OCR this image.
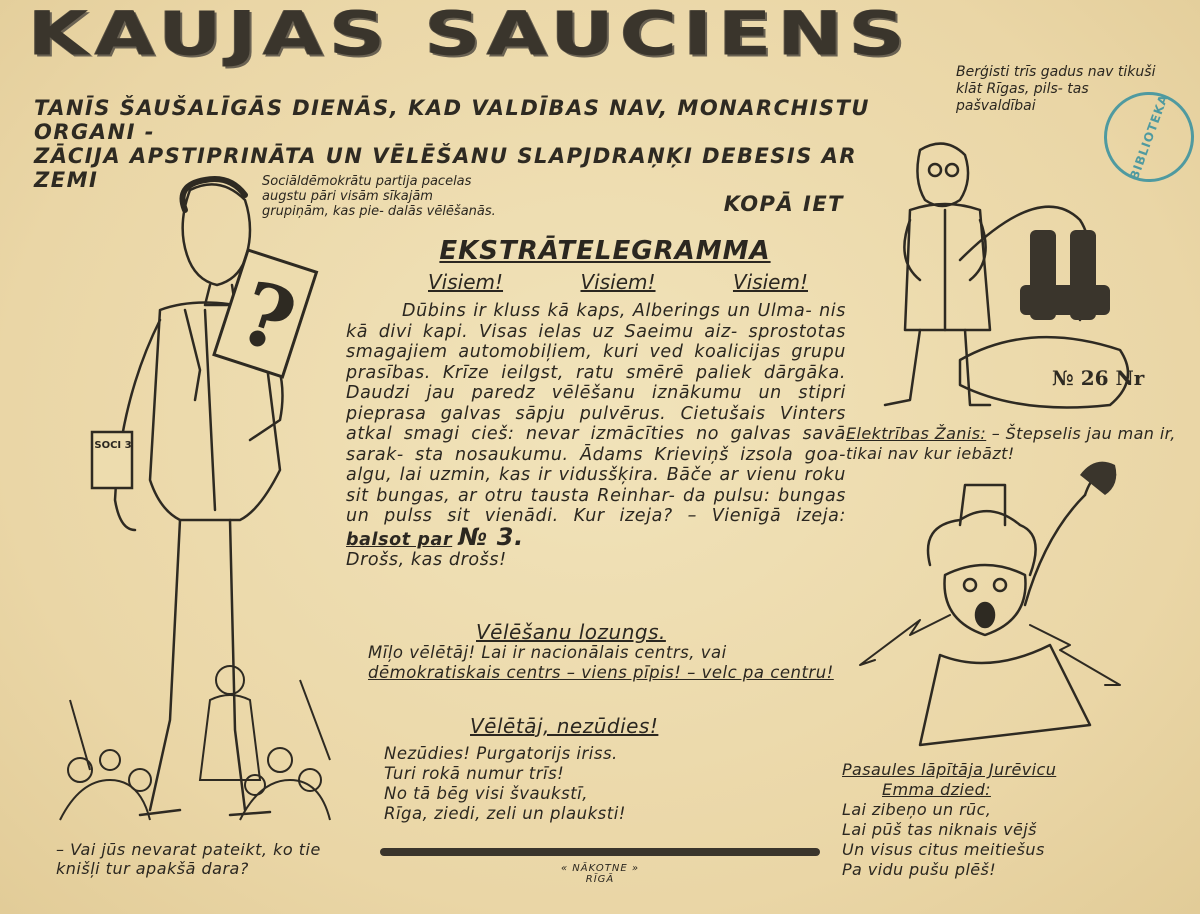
KAUJAS SAUCIENS
TANĪS ŠAUŠALĪGĀS DIENĀS, KAD VALDĪBAS NAV, MONARCHISTU ORGANI -
ZĀCIJA APSTIPRINĀTA UN VĒLĒŠANU SLAPJDRAŅĶI DEBESIS AR ZEMI
KOPĀ IET
Berģisti trīs gadus nav tikuši klāt Rīgas, pils- tas pašvaldībai	BIBLIOTEKA
Sociāldēmokrātu partija pacelas augstu pāri visām sīkajām grupiņām, kas pie- dalās vēlēšanās.
?
SOCI 3
EKSTRĀTELEGRAMMA
Visiem!	Visiem!	Visiem!
Dūbins ir kluss kā kaps, Alberings un Ulma- nis kā divi kapi. Visas ielas uz Saeimu aiz- sprostotas smagajiem automobiļiem, kuri ved koalicijas grupu prasības. Krīze ieilgst, ratu smērē paliek dārgāka. Daudzi jau paredz vēlēšanu iznākumu un stipri pieprasa galvas sāpju pulvērus. Cietušais Vinters atkal smagi cieš: nevar izmācīties no galvas savā sarak- sta nosaukumu. Ādams Krieviņš izsola goa- algu, lai uzmin, kas ir vidusšķira. Bāče ar vienu roku sit bungas, ar otru tausta Reinhar- da pulsu: bungas un pulss sit vienādi. Kur izeja? – Vienīgā izeja: balsot par № 3.
Drošs, kas drošs!
Vēlēšanu lozungs.
Mīļo vēlētāj! Lai ir nacionālais centrs, vai
dēmokratiskais centrs – viens pīpis! – velc pa centru!
Vēlētāj, nezūdies!
Nezūdies! Purgatorijs iriss.
Turi rokā numur trīs!
No tā bēg visi švaukstī,
Rīga, ziedi, zeli un plauksti!
« NĀKOTNE »
RĪGĀ
– Vai jūs nevarat pateikt, ko tie knišļi tur apakšā dara?
№ 26 Nr
Elektrības Žanis: – Štepselis jau man ir, tikai nav kur iebāzt!
Pasaules lāpītāja Jurēvicu
Emma dzied:
Lai zibeņo un rūc,
Lai pūš tas niknais vējš
Un visus citus meitiešus
Pa vidu pušu plēš!
